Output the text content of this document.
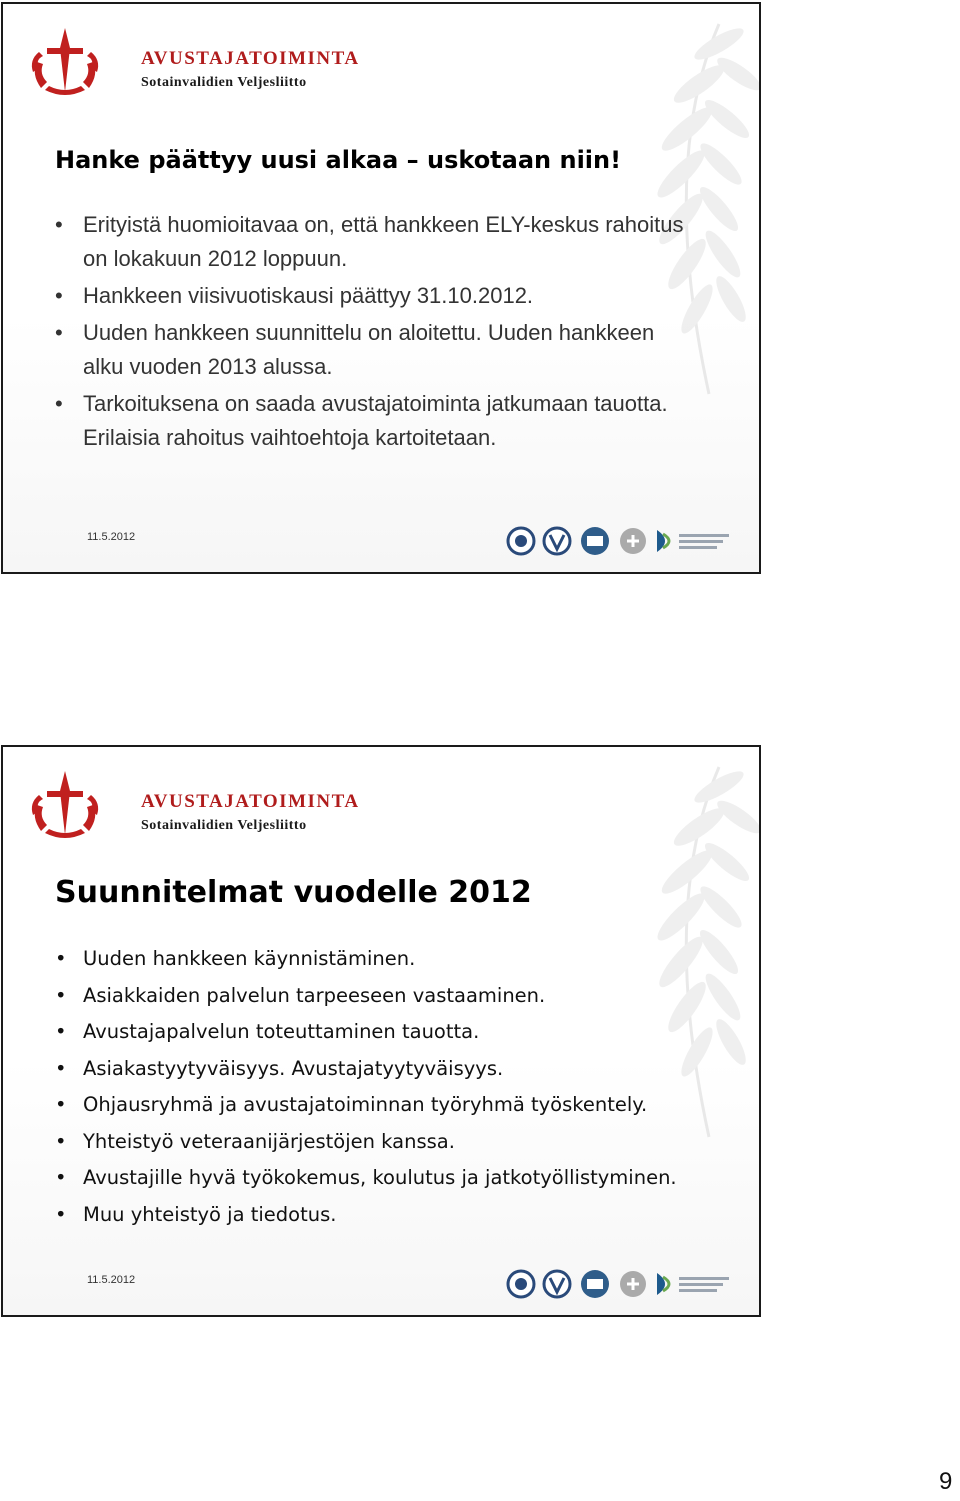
AVUSTAJATOIMINTA
Sotainvalidien Veljesliitto
Hanke päättyy uusi alkaa – uskotaan niin!
• Erityistä huomioitavaa on, että hankkeen ELY-keskus rahoitus on lokakuun 2012 loppuun.
• Hankkeen viisivuotiskausi päättyy 31.10.2012.
• Uuden hankkeen suunnittelu on aloitettu. Uuden hankkeen alku vuoden 2013 alussa.
• Tarkoituksena on saada avustajatoiminta jatkumaan tauotta. Erilaisia rahoitus vaihtoehtoja kartoitetaan.
11.5.2012
AVUSTAJATOIMINTA
Sotainvalidien Veljesliitto
Suunnitelmat vuodelle 2012
• Uuden hankkeen käynnistäminen.
• Asiakkaiden palvelun tarpeeseen vastaaminen.
• Avustajapalvelun toteuttaminen tauotta.
• Asiakastyytyväisyys. Avustajatyytyväisyys.
• Ohjausryhmä ja avustajatoiminnan työryhmä työskentely.
• Yhteistyö veteraanijärjestöjen kanssa.
• Avustajille hyvä työkokemus, koulutus ja jatkotyöllistyminen.
• Muu yhteistyö ja tiedotus.
11.5.2012
9
